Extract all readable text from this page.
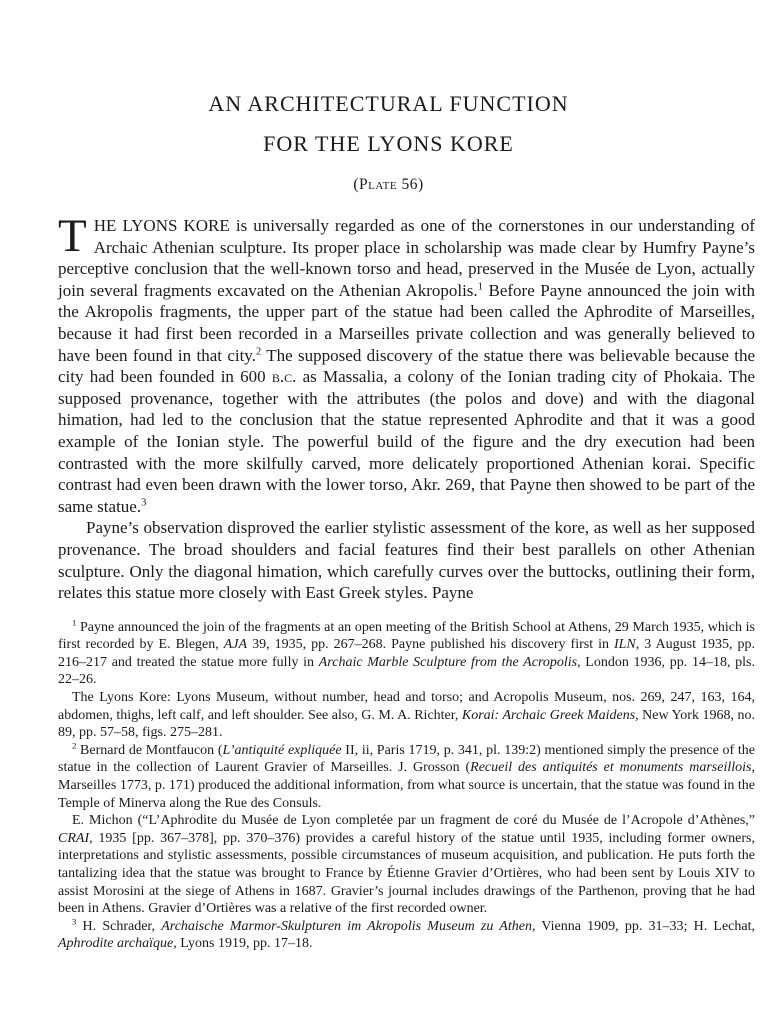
AN ARCHITECTURAL FUNCTION
FOR THE LYONS KORE
(Plate 56)

THE LYONS KORE is universally regarded as one of the cornerstones in our understanding of Archaic Athenian sculpture. Its proper place in scholarship was made clear by Humfry Payne’s perceptive conclusion that the well-known torso and head, preserved in the Musée de Lyon, actually join several fragments excavated on the Athenian Akropolis.$^1$ Before Payne announced the join with the Akropolis fragments, the upper part of the statue had been called the Aphrodite of Marseilles, because it had first been recorded in a Marseilles private collection and was generally believed to have been found in that city.$^2$ The supposed discovery of the statue there was believable because the city had been founded in 600 b.c. as Massalia, a colony of the Ionian trading city of Phokaia. The supposed provenance, together with the attributes (the polos and dove) and with the diagonal himation, had led to the conclusion that the statue represented Aphrodite and that it was a good example of the Ionian style. The powerful build of the figure and the dry execution had been contrasted with the more skilfully carved, more delicately proportioned Athenian korai. Specific contrast had even been drawn with the lower torso, Akr. 269, that Payne then showed to be part of the same statue.$^3$

Payne’s observation disproved the earlier stylistic assessment of the kore, as well as her supposed provenance. The broad shoulders and facial features find their best parallels on other Athenian sculpture. Only the diagonal himation, which carefully curves over the buttocks, outlining their form, relates this statue more closely with East Greek styles. Payne

$^1$ Payne announced the join of the fragments at an open meeting of the British School at Athens, 29 March 1935, which is first recorded by E. Blegen, AJA 39, 1935, pp. 267–268. Payne published his discovery first in ILN, 3 August 1935, pp. 216–217 and treated the statue more fully in Archaic Marble Sculpture from the Acropolis, London 1936, pp. 14–18, pls. 22–26.

The Lyons Kore: Lyons Museum, without number, head and torso; and Acropolis Museum, nos. 269, 247, 163, 164, abdomen, thighs, left calf, and left shoulder. See also, G. M. A. Richter, Korai: Archaic Greek Maidens, New York 1968, no. 89, pp. 57–58, figs. 275–281.

$^2$ Bernard de Montfaucon (L’antiquité expliquée II, ii, Paris 1719, p. 341, pl. 139:2) mentioned simply the presence of the statue in the collection of Laurent Gravier of Marseilles. J. Grosson (Recueil des antiquités et monuments marseillois, Marseilles 1773, p. 171) produced the additional information, from what source is uncertain, that the statue was found in the Temple of Minerva along the Rue des Consuls.

E. Michon (“L’Aphrodite du Musée de Lyon completée par un fragment de coré du Musée de l’Acropole d’Athènes,” CRAI, 1935 [pp. 367–378], pp. 370–376) provides a careful history of the statue until 1935, including former owners, interpretations and stylistic assessments, possible circumstances of museum acquisition, and publication. He puts forth the tantalizing idea that the statue was brought to France by Étienne Gravier d’Ortières, who had been sent by Louis XIV to assist Morosini at the siege of Athens in 1687. Gravier’s journal includes drawings of the Parthenon, proving that he had been in Athens. Gravier d’Ortières was a relative of the first recorded owner.

$^3$ H. Schrader, Archaische Marmor-Skulpturen im Akropolis Museum zu Athen, Vienna 1909, pp. 31–33; H. Lechat, Aphrodite archaïque, Lyons 1919, pp. 17–18.
